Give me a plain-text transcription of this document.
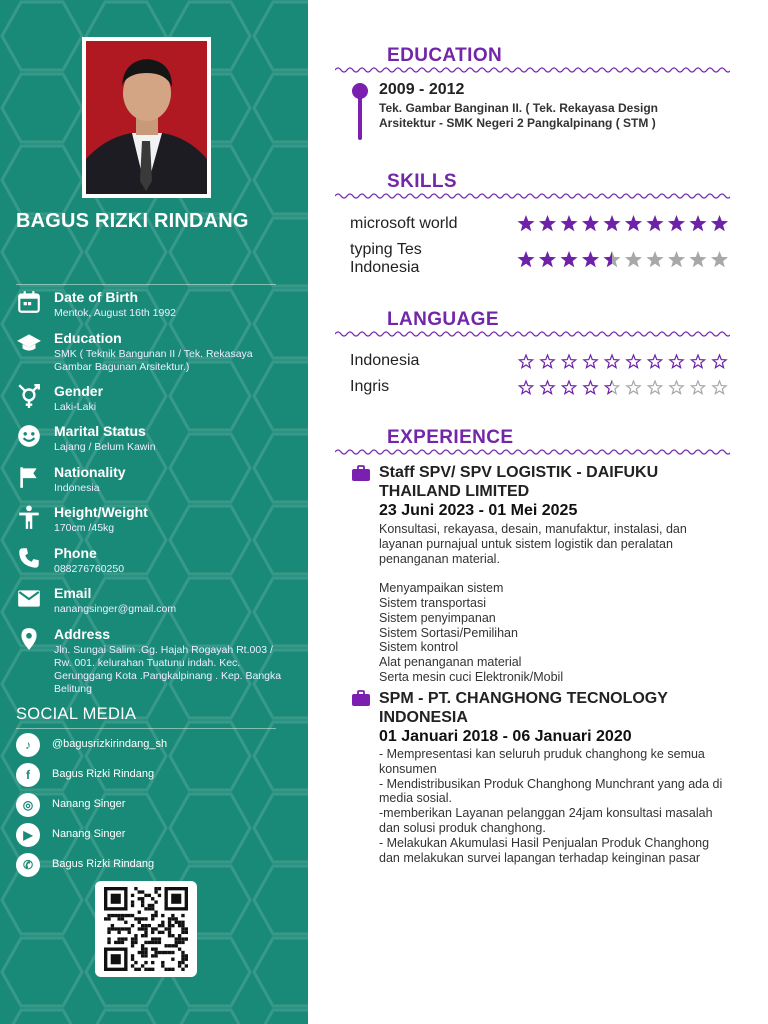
BAGUS RIZKI RINDANG
Date of Birth
Mentok, August 16th 1992
Education
SMK ( Teknik Bangunan II / Tek. Rekasaya Gambar Bagunan Arsitektur.)
Gender
Laki-Laki
Marital Status
Lajang / Belum Kawin
Nationality
Indonesia
Height/Weight
170cm /45kg
Phone
088276760250
Email
nanangsinger@gmail.com
Address
Jln. Sungai Salim .Gg. Hajah Rogayah Rt.003 / Rw. 001. kelurahan Tuatunu indah. Kec. Gerunggang Kota .Pangkalpinang . Kep. Bangka Belitung
SOCIAL MEDIA
♪	@bagusrizkirindang_sh
f	Bagus Rizki Rindang
◎	Nanang Singer
▶	Nanang Singer
✆	Bagus Rizki Rindang
EDUCATION
2009 - 2012
Tek. Gambar Banginan II. ( Tek. Rekayasa Design Arsitektur - SMK Negeri 2 Pangkalpinang ( STM )
SKILLS
microsoft world
typing Tes Indonesia
LANGUAGE
Indonesia
Ingris
EXPERIENCE
Staff SPV/ SPV LOGISTIK - DAIFUKU THAILAND LIMITED
23 Juni 2023 - 01 Mei 2025
Konsultasi, rekayasa, desain, manufaktur, instalasi, dan layanan purnajual untuk sistem logistik dan peralatan penanganan material.

Menyampaikan sistem
Sistem transportasi
Sistem penyimpanan
Sistem Sortasi/Pemilihan
Sistem kontrol
Alat penanganan material
Serta mesin cuci Elektronik/Mobil
SPM - PT. CHANGHONG TECNOLOGY INDONESIA
01 Januari 2018 - 06 Januari 2020
- Mempresentasi kan seluruh pruduk changhong ke semua konsumen
- Mendistribusikan Produk Changhong Munchrant yang ada di media sosial.
-memberikan Layanan pelanggan 24jam konsultasi masalah dan solusi produk changhong.
- Melakukan Akumulasi Hasil Penjualan Produk Changhong dan melakukan survei lapangan terhadap keinginan pasar
